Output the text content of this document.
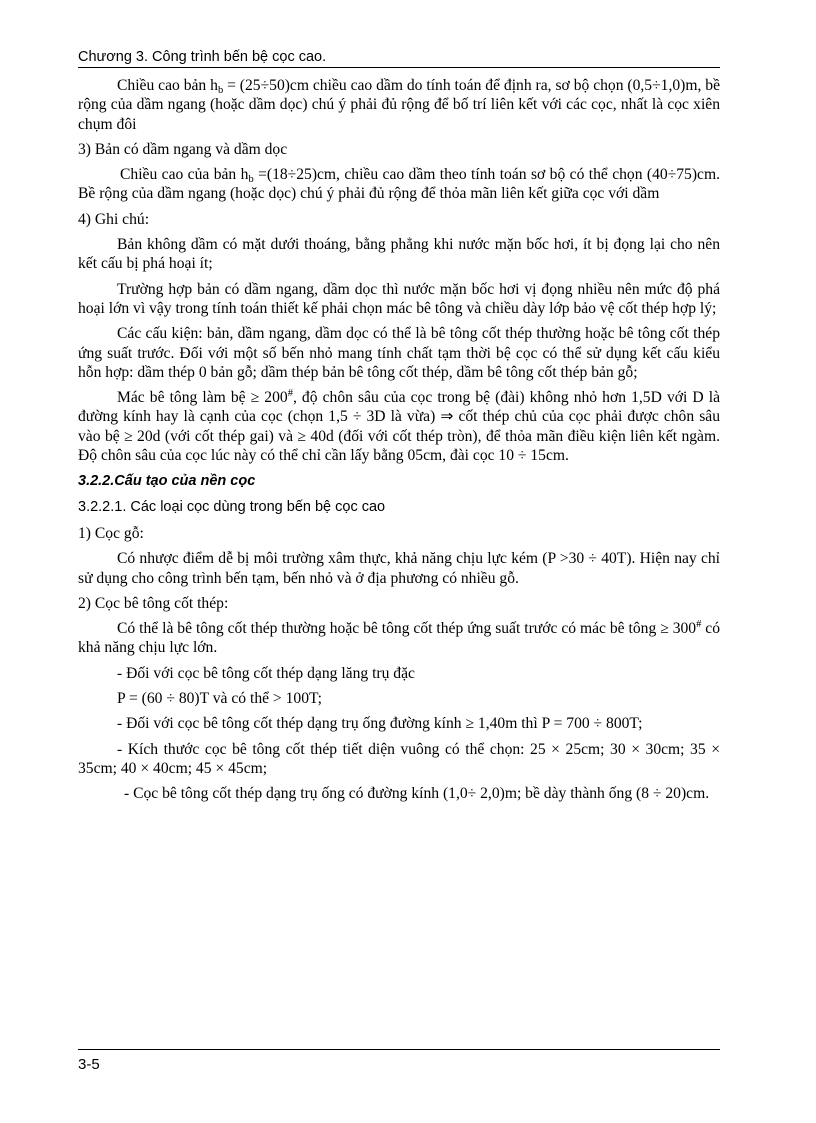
Chương 3. Công trình bến bệ cọc cao.

Chiều cao bản $h_b = (25\div 50)cm$ chiều cao dầm do tính toán để định ra, sơ bộ chọn (0,5÷1,0)m, bề rộng của dầm ngang (hoặc dầm dọc) chú ý phải đủ rộng để bố trí liên kết với các cọc, nhất là cọc xiên chụm đôi

3) Bản có dầm ngang và dầm dọc

Chiều cao của bản $h_b =(18\div 25)cm$, chiều cao dầm theo tính toán sơ bộ có thể chọn (40÷75)cm. Bề rộng của dầm ngang (hoặc dọc) chú ý phải đủ rộng để thỏa mãn liên kết giữa cọc với dầm

4) Ghi chú:

Bản không dầm có mặt dưới thoáng, bằng phẳng khi nước mặn bốc hơi, ít bị đọng lại cho nên kết cấu bị phá hoại ít;

Trường hợp bản có dầm ngang, dầm dọc thì nước mặn bốc hơi vị đọng nhiều nên mức độ phá hoại lớn vì vậy trong tính toán thiết kế phải chọn mác bê tông và chiều dày lớp bảo vệ cốt thép hợp lý;

Các cấu kiện: bản, dầm ngang, dầm dọc có thể là bê tông cốt thép thường hoặc bê tông cốt thép ứng suất trước. Đối với một số bến nhỏ mang tính chất tạm thời bệ cọc có thể sử dụng kết cấu kiểu hỗn hợp: dầm thép 0 bản gỗ; dầm thép bản bê tông cốt thép, dầm bê tông cốt thép bản gỗ;

Mác bê tông làm bệ ≥ 200#, độ chôn sâu của cọc trong bệ (đài) không nhỏ hơn 1,5D với D là đường kính hay là cạnh của cọc (chọn 1,5 ÷ 3D là vừa) ⇒ cốt thép chủ của cọc phải được chôn sâu vào bệ ≥ 20d (với cốt thép gai) và ≥ 40d (đối với cốt thép tròn), để thỏa mãn điều kiện liên kết ngàm. Độ chôn sâu của cọc lúc này có thể chỉ cần lấy bằng 05cm, đài cọc 10 ÷ 15cm.

3.2.2.Cấu tạo của nền cọc

3.2.2.1. Các loại cọc dùng trong bến bệ cọc cao

1) Cọc gỗ:

Có nhược điểm dễ bị môi trường xâm thực, khả năng chịu lực kém (P >30 ÷ 40T). Hiện nay chỉ sử dụng cho công trình bến tạm, bến nhỏ và ở địa phương có nhiều gỗ.

2) Cọc bê tông cốt thép:

Có thể là bê tông cốt thép thường hoặc bê tông cốt thép ứng suất trước có mác bê tông ≥ 300# có khả năng chịu lực lớn.

- Đối với cọc bê tông cốt thép dạng lăng trụ đặc

P = (60 ÷ 80)T và có thể > 100T;

- Đối với cọc bê tông cốt thép dạng trụ ống đường kính ≥ 1,40m thì P = 700 ÷ 800T;

- Kích thước cọc bê tông cốt thép tiết diện vuông có thể chọn: 25 × 25cm; 30 × 30cm; 35 × 35cm; 40 × 40cm; 45 × 45cm;

- Cọc bê tông cốt thép dạng trụ ống có đường kính (1,0÷ 2,0)m; bề dày thành ống (8 ÷ 20)cm.

3-5
